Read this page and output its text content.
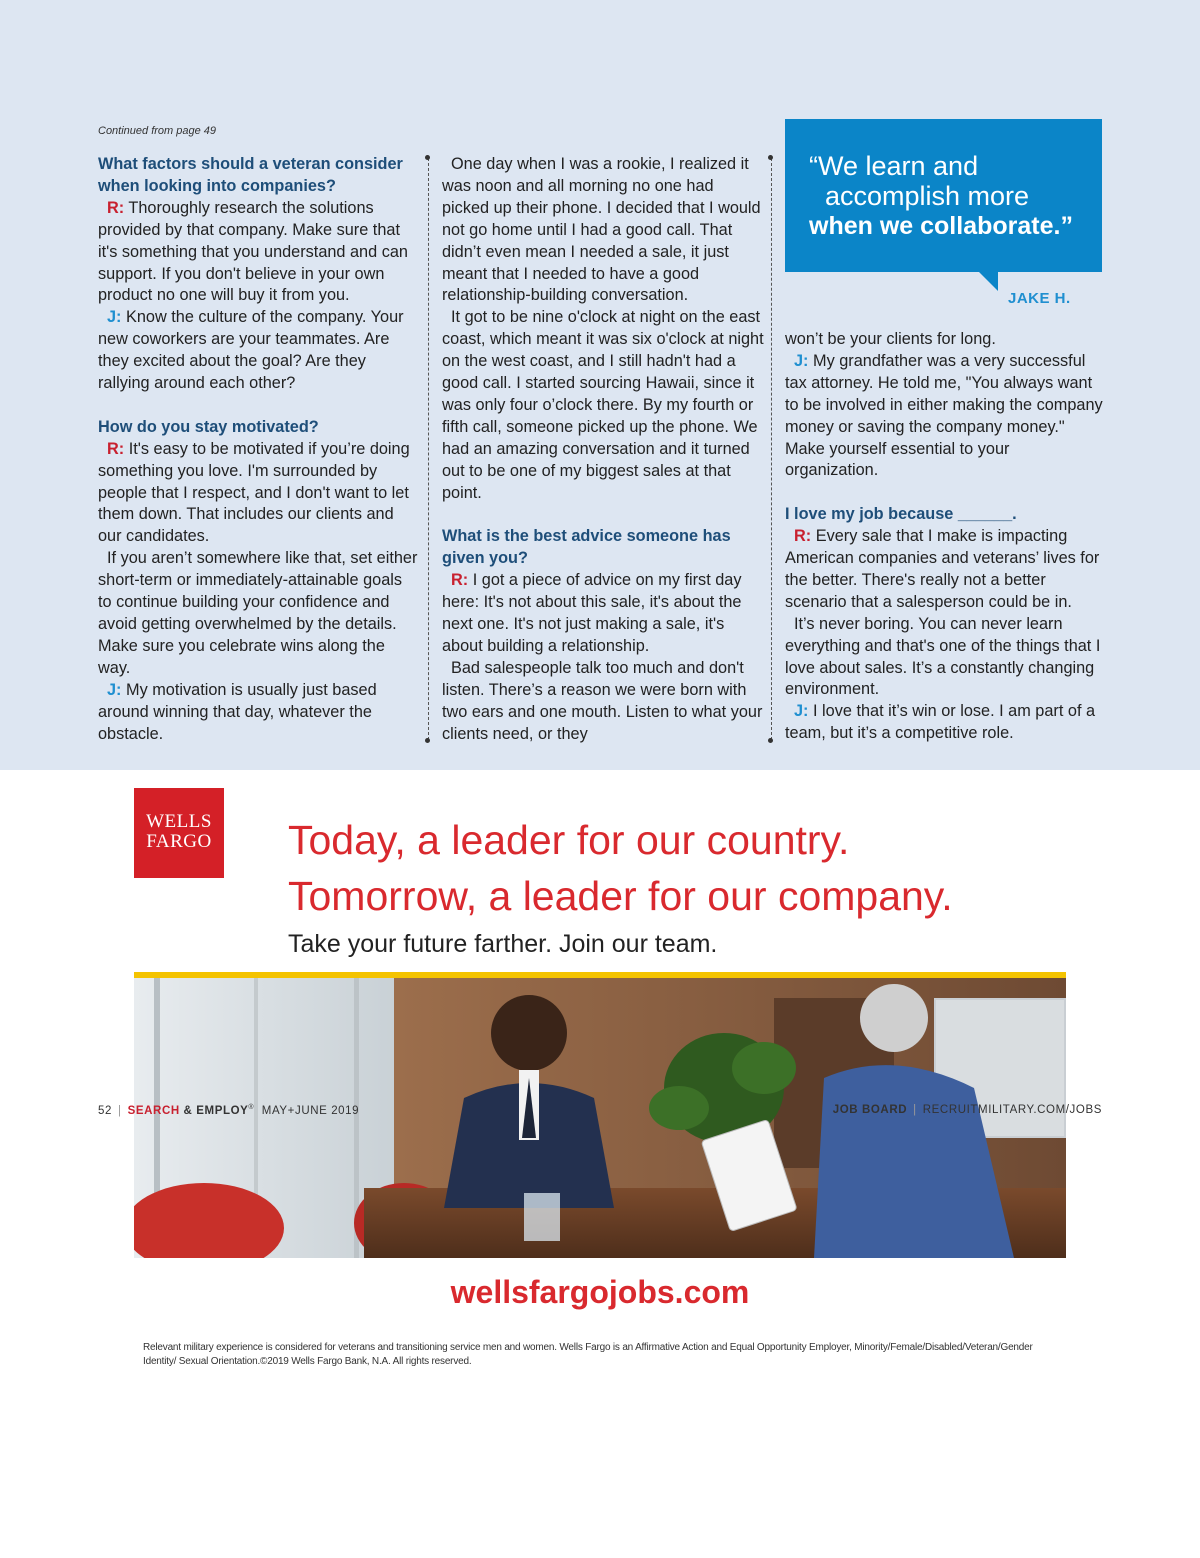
Continued from page 49
What factors should a veteran consider when looking into companies?

R: Thoroughly research the solutions provided by that company. Make sure that it's something that you understand and can support. If you don't believe in your own product no one will buy it from you.

J: Know the culture of the company. Your new coworkers are your teammates. Are they excited about the goal? Are they rallying around each other?

How do you stay motivated?

R: It's easy to be motivated if you’re doing something you love. I'm surrounded by people that I respect, and I don't want to let them down. That includes our clients and our candidates.

If you aren’t somewhere like that, set either short-term or immediately-attainable goals to continue building your confidence and avoid getting overwhelmed by the details. Make sure you celebrate wins along the way.

J: My motivation is usually just based around winning that day, whatever the obstacle.

One day when I was a rookie, I realized it was noon and all morning no one had picked up their phone. I decided that I would not go home until I had a good call. That didn’t even mean I needed a sale, it just meant that I needed to have a good relationship-building conversation.

It got to be nine o'clock at night on the east coast, which meant it was six o'clock at night on the west coast, and I still hadn't had a good call. I started sourcing Hawaii, since it was only four o’clock there. By my fourth or fifth call, someone picked up the phone. We had an amazing conversation and it turned out to be one of my biggest sales at that point.

What is the best advice someone has given you?

R: I got a piece of advice on my first day here: It's not about this sale, it's about the next one. It's not just making a sale, it's about building a relationship.

Bad salespeople talk too much and don't listen. There’s a reason we were born with two ears and one mouth. Listen to what your clients need, or they

“We learn and
accomplish more
when we collaborate.”
JAKE H.

won’t be your clients for long.

J: My grandfather was a very successful tax attorney. He told me, "You always want to be involved in either making the company money or saving the company money." Make yourself essential to your organization.

I love my job because ______.

R: Every sale that I make is impacting American companies and veterans’ lives for the better. There's really not a better scenario that a salesperson could be in.

It’s never boring. You can never learn everything and that's one of the things that I love about sales. It’s a constantly changing environment.

J: I love that it’s win or lose. I am part of a team, but it’s a competitive role.

WELLS
FARGO Today, a leader for our country.
Tomorrow, a leader for our company.
Take your future farther. Join our team.
wellsfargojobs.com
Relevant military experience is considered for veterans and transitioning service men and women. Wells Fargo is an Affirmative Action and Equal Opportunity Employer, Minority/Female/Disabled/Veteran/Gender Identity/ Sexual Orientation.©2019 Wells Fargo Bank, N.A. All rights reserved.
52 | SEARCH & EMPLOY® MAY+JUNE 2019	JOB BOARD | RECRUITMILITARY.COM/JOBS
